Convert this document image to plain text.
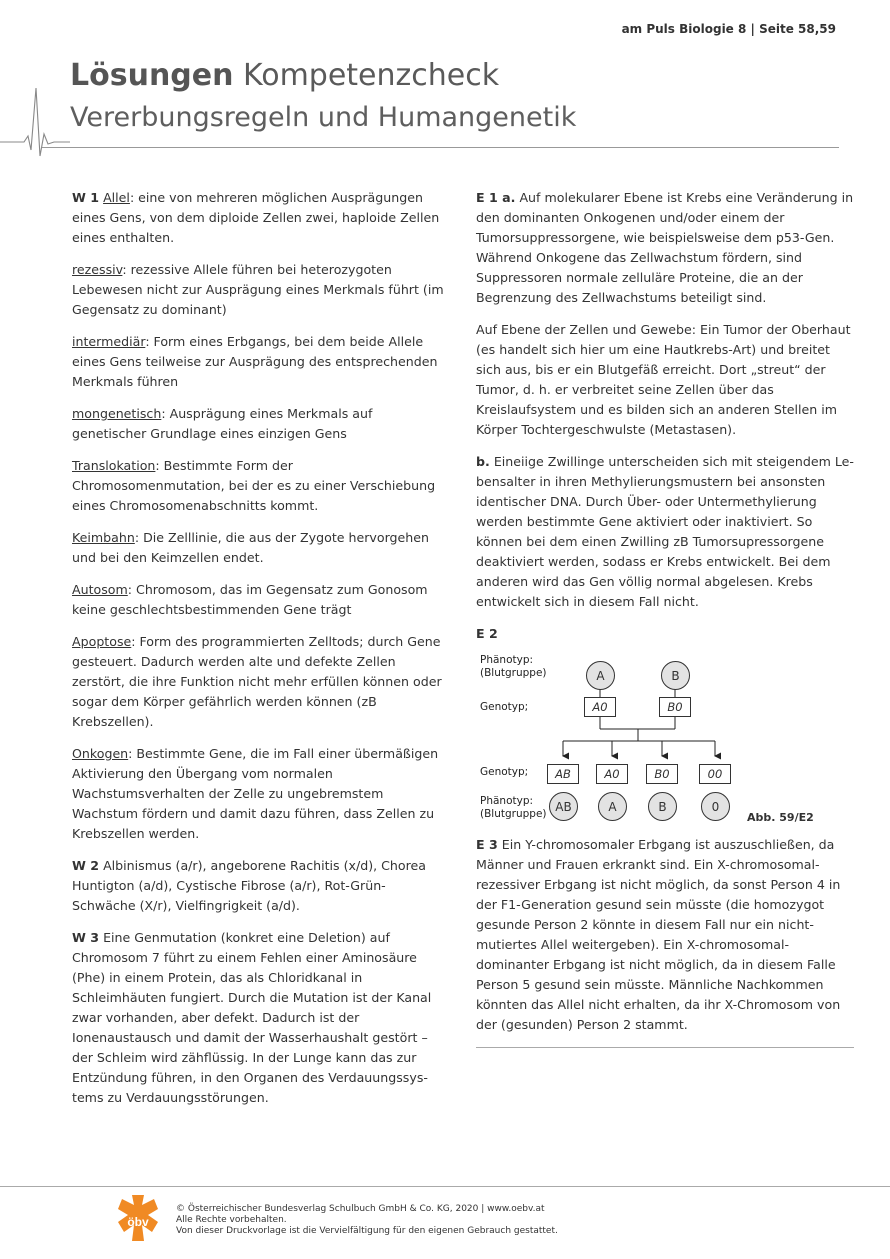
am Puls Biologie 8 | Seite 58,59
Lösungen Kompetenzcheck
Vererbungsregeln und Humangenetik

W 1 Allel: eine von mehreren möglichen Ausprägungen eines Gens, von dem diploide Zellen zwei, haploide Zellen eines enthalten.

rezessiv: rezessive Allele führen bei heterozygoten Lebewesen nicht zur Ausprägung eines Merkmals führt (im Gegensatz zu dominant)

intermediär: Form eines Erbgangs, bei dem beide Allele eines Gens teilweise zur Ausprägung des entsprechenden Merkmals führen

mongenetisch: Ausprägung eines Merkmals auf genetischer Grundlage eines einzigen Gens

Translokation: Bestimmte Form der Chromosomenmutation, bei der es zu einer Verschiebung eines Chromosomenabschnitts kommt.

Keimbahn: Die Zelllinie, die aus der Zygote hervorgehen und bei den Keimzellen endet.

Autosom: Chromosom, das im Gegensatz zum Gonosom keine geschlechtsbestimmenden Gene trägt

Apoptose: Form des programmierten Zelltods; durch Gene gesteuert. Dadurch werden alte und defekte Zellen zerstört, die ihre Funktion nicht mehr erfüllen können oder sogar dem Körper gefährlich werden können (zB Krebszellen).

Onkogen: Bestimmte Gene, die im Fall einer übermäßigen Aktivierung den Übergang vom normalen Wachstumsverhalten der Zelle zu ungebremstem Wachstum fördern und damit dazu führen, dass Zellen zu Krebszellen werden.

W 2 Albinismus (a/r), angeborene Rachitis (x/d), Chorea Huntigton (a/d), Cystische Fibrose (a/r), Rot-Grün-Schwäche (X/r), Vielfingrigkeit (a/d).

W 3 Eine Genmutation (konkret eine Deletion) auf Chromosom 7 führt zu einem Fehlen einer Aminosäure (Phe) in einem Protein, das als Chloridkanal in Schleimhäuten fungiert. Durch die Mutation ist der Kanal zwar vorhanden, aber defekt. Dadurch ist der Ionenaustausch und damit der Wasserhaushalt gestört – der Schleim wird zähflüssig. In der Lunge kann das zur Entzündung führen, in den Organen des Verdauungssystems zu Verdauungsstörungen.

E 1 a. Auf molekularer Ebene ist Krebs eine Veränderung in den dominanten Onkogenen und/oder einem der Tumorsuppressorgene, wie beispielsweise dem p53-Gen. Während Onkogene das Zellwachstum fördern, sind Suppressoren normale zelluläre Proteine, die an der Begrenzung des Zellwachstums beteiligt sind.

Auf Ebene der Zellen und Gewebe: Ein Tumor der Oberhaut (es handelt sich hier um eine Hautkrebs-Art) und breitet sich aus, bis er ein Blutgefäß erreicht. Dort „streut“ der Tumor, d. h. er verbreitet seine Zellen über das Kreislaufsystem und es bilden sich an anderen Stellen im Körper Tochtergeschwulste (Metastasen).

b. Eineiige Zwillinge unterscheiden sich mit steigendem Lebensalter in ihren Methylierungsmustern bei ansonsten identischer DNA. Durch Über- oder Untermethylierung werden bestimmte Gene aktiviert oder inaktiviert. So können bei dem einen Zwilling zB Tumorsupressorgene deaktiviert werden, sodass er Krebs entwickelt. Bei dem anderen wird das Gen völlig normal abgelesen. Krebs entwickelt sich in diesem Fall nicht.

E 2
Phänotyp:
(Blutgruppe)
Genotyp;
A	B
A0	B0
Genotyp;	AB	A0	B0	00
Phänotyp:
(Blutgruppe)
AB	A	B	0
Abb. 59/E2

E 3 Ein Y-chromosomaler Erbgang ist auszuschließen, da Männer und Frauen erkrankt sind. Ein X-chromosomal-rezessiver Erbgang ist nicht möglich, da sonst Person 4 in der F1-Generation gesund sein müsste (die homozygot gesunde Person 2 könnte in diesem Fall nur ein nicht-mutiertes Allel weitergeben). Ein X-chromosomal-dominanter Erbgang ist nicht möglich, da in diesem Falle Person 5 gesund sein müsste. Männliche Nachkommen könnten das Allel nicht erhalten, da ihr X-Chromosom von der (gesunden) Person 2 stammt.

öbv
© Österreichischer Bundesverlag Schulbuch GmbH & Co. KG, 2020 | www.oebv.at
Alle Rechte vorbehalten.
Von dieser Druckvorlage ist die Vervielfältigung für den eigenen Gebrauch gestattet.
